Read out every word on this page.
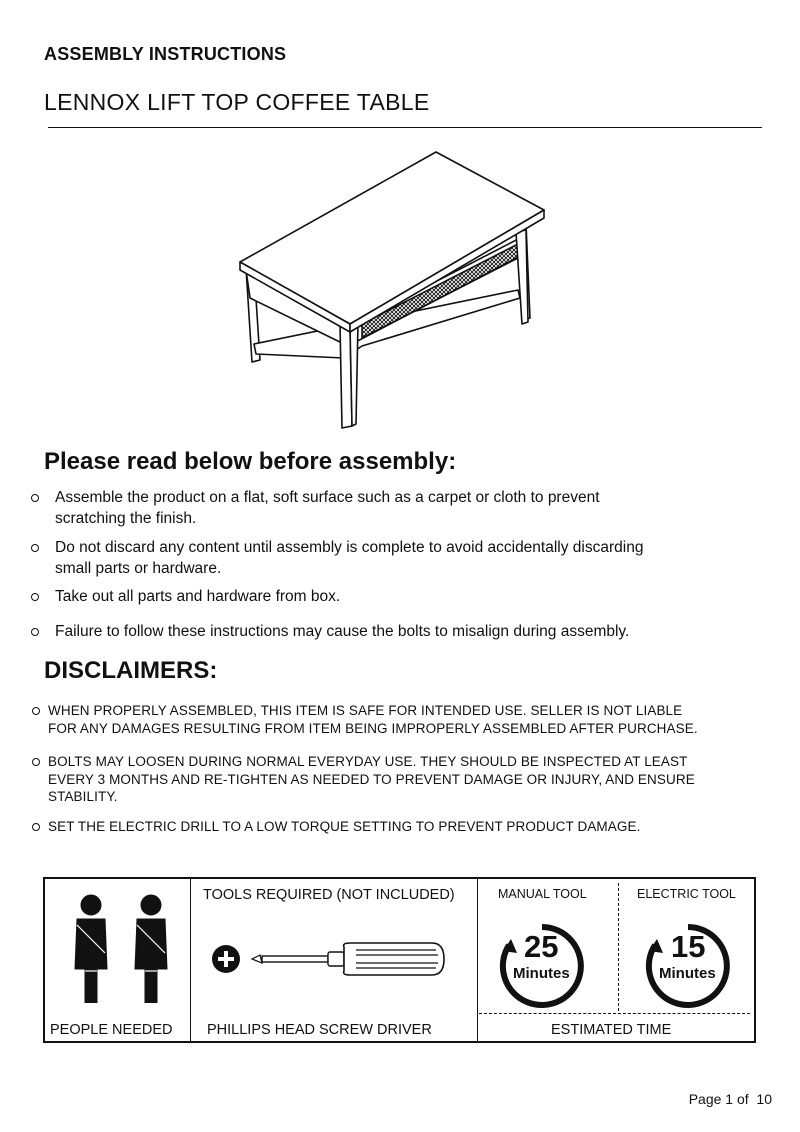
ASSEMBLY INSTRUCTIONS
LENNOX LIFT TOP COFFEE TABLE
Please read below before assembly:
Assemble the product on a flat, soft surface such as a carpet or cloth to prevent
scratching the finish.
Do not discard any content until assembly is complete to avoid accidentally discarding
small parts or hardware.
Take out all parts and hardware from box.
Failure to follow these instructions may cause the bolts to misalign during assembly.
DISCLAIMERS:
WHEN PROPERLY ASSEMBLED, THIS ITEM IS SAFE FOR INTENDED USE. SELLER IS NOT LIABLE
FOR ANY DAMAGES RESULTING FROM ITEM BEING IMPROPERLY ASSEMBLED AFTER PURCHASE.
BOLTS MAY LOOSEN DURING NORMAL EVERYDAY USE. THEY SHOULD BE INSPECTED AT LEAST
EVERY 3 MONTHS AND RE-TIGHTEN AS NEEDED TO PREVENT DAMAGE OR INJURY, AND ENSURE
STABILITY.
SET THE ELECTRIC DRILL TO A LOW TORQUE SETTING TO PREVENT PRODUCT DAMAGE.
PEOPLE NEEDED
TOOLS REQUIRED (NOT INCLUDED)
PHILLIPS HEAD SCREW DRIVER
MANUAL TOOL
25
Minutes
ELECTRIC TOOL
15
Minutes
ESTIMATED TIME
Page 1 of  10
